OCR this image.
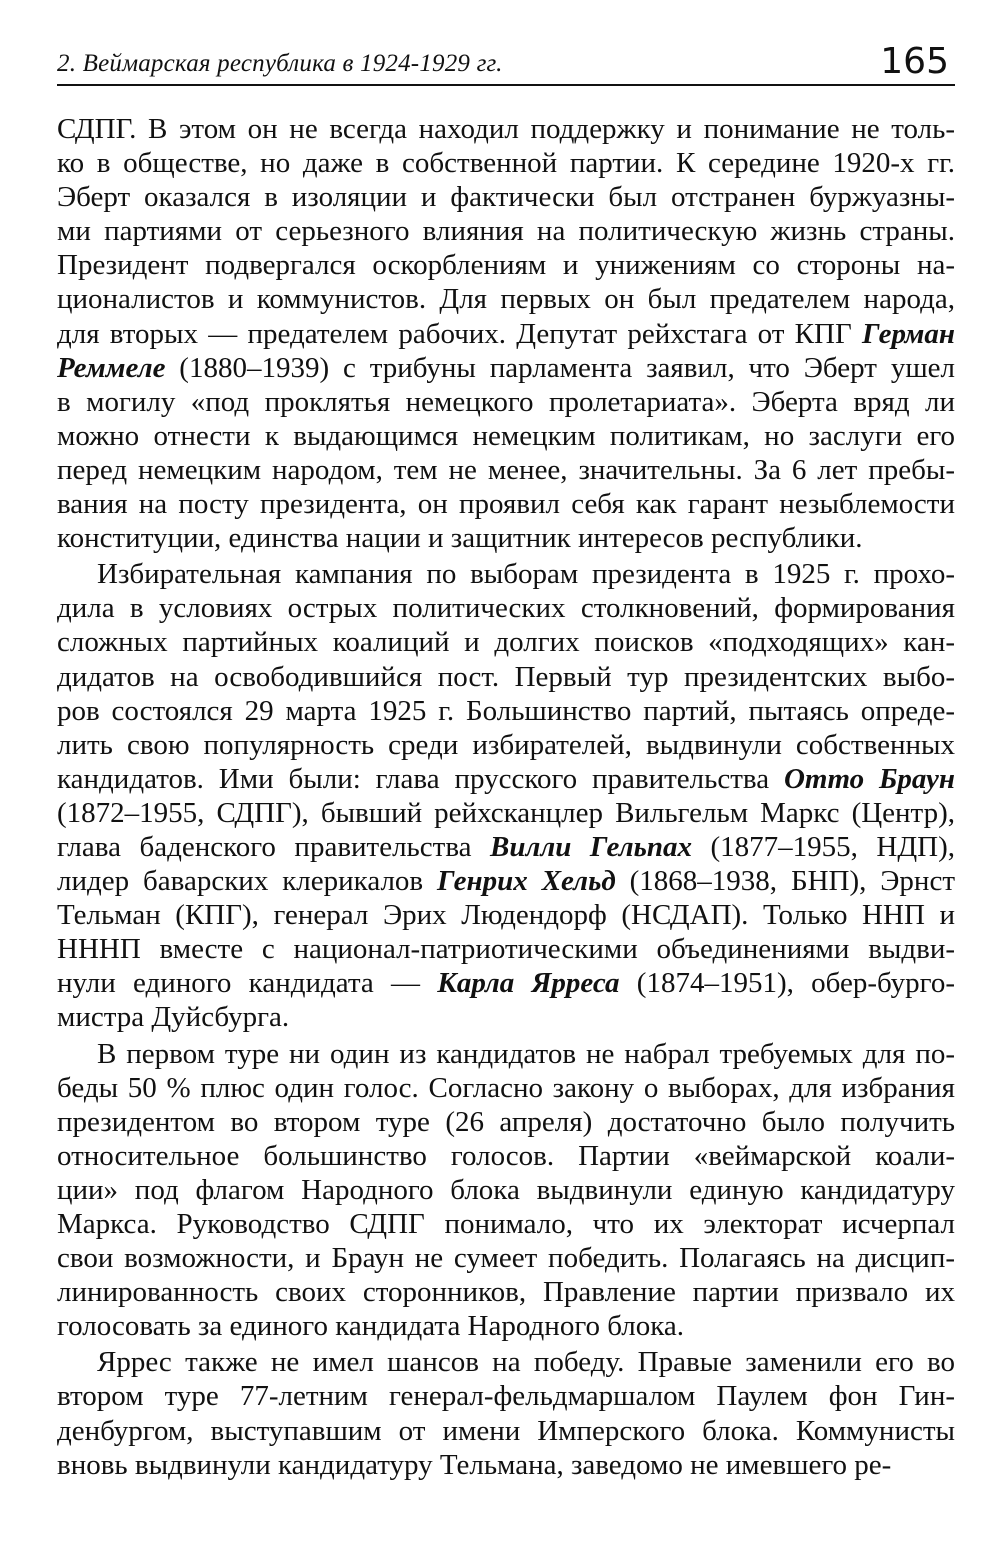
2. Веймарская республика в 1924-1929 гг.	165
СДПГ. В этом он не всегда находил поддержку и понимание не толь-
ко в обществе, но даже в собственной партии. К середине 1920-х гг.
Эберт оказался в изоляции и фактически был отстранен буржуазны-
ми партиями от серьезного влияния на политическую жизнь страны.
Президент подвергался оскорблениям и унижениям со стороны на-
ционалистов и коммунистов. Для первых он был предателем народа,
для вторых — предателем рабочих. Депутат рейхстага от КПГ Герман
Реммеле (1880–1939) с трибуны парламента заявил, что Эберт ушел
в могилу «под проклятья немецкого пролетариата». Эберта вряд ли
можно отнести к выдающимся немецким политикам, но заслуги его
перед немецким народом, тем не менее, значительны. За 6 лет пребы-
вания на посту президента, он проявил себя как гарант незыблемости
конституции, единства нации и защитник интересов республики.
Избирательная кампания по выборам президента в 1925 г. прохо-
дила в условиях острых политических столкновений, формирования
сложных партийных коалиций и долгих поисков «подходящих» кан-
дидатов на освободившийся пост. Первый тур президентских выбо-
ров состоялся 29 марта 1925 г. Большинство партий, пытаясь опреде-
лить свою популярность среди избирателей, выдвинули собственных
кандидатов. Ими были: глава прусского правительства Отто Браун
(1872–1955, СДПГ), бывший рейхсканцлер Вильгельм Маркс (Центр),
глава баденского правительства Вилли Гельпах (1877–1955, НДП),
лидер баварских клерикалов Генрих Хельд (1868–1938, БНП), Эрнст
Тельман (КПГ), генерал Эрих Людендорф (НСДАП). Только ННП и
НННП вместе с национал-патриотическими объединениями выдви-
нули единого кандидата — Карла Ярреса (1874–1951), обер-бурго-
мистра Дуйсбурга.
В первом туре ни один из кандидатов не набрал требуемых для по-
беды 50 % плюс один голос. Согласно закону о выборах, для избрания
президентом во втором туре (26 апреля) достаточно было получить
относительное большинство голосов. Партии «веймарской коали-
ции» под флагом Народного блока выдвинули единую кандидатуру
Маркса. Руководство СДПГ понимало, что их электорат исчерпал
свои возможности, и Браун не сумеет победить. Полагаясь на дисцип-
линированность своих сторонников, Правление партии призвало их
голосовать за единого кандидата Народного блока.
Яррес также не имел шансов на победу. Правые заменили его во
втором туре 77-летним генерал-фельдмаршалом Паулем фон Гин-
денбургом, выступавшим от имени Имперского блока. Коммунисты
вновь выдвинули кандидатуру Тельмана, заведомо не имевшего ре-
